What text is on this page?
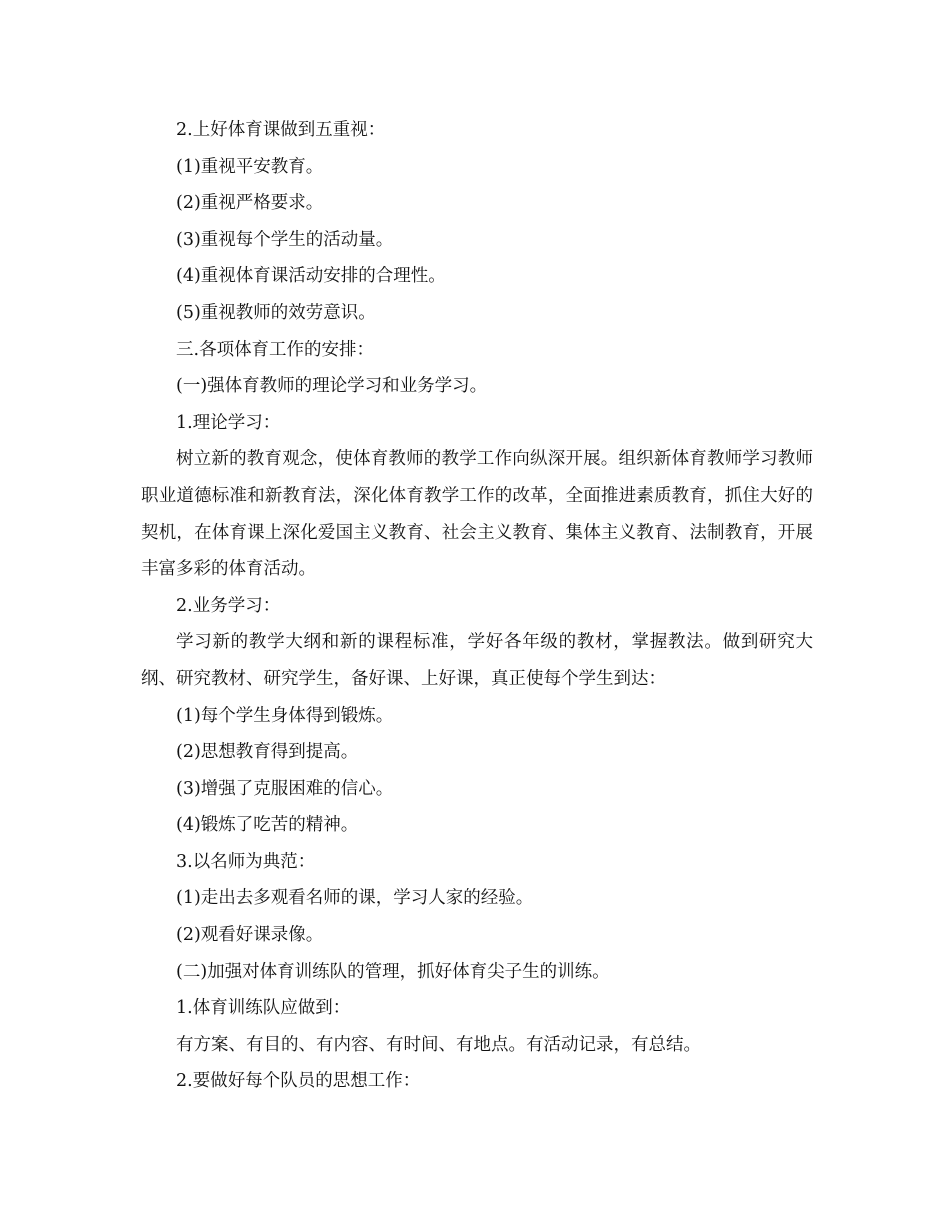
2.上好体育课做到五重视：
(1)重视平安教育。
(2)重视严格要求。
(3)重视每个学生的活动量。
(4)重视体育课活动安排的合理性。
(5)重视教师的效劳意识。
三.各项体育工作的安排：
(一)强体育教师的理论学习和业务学习。
1.理论学习：

树立新的教育观念，使体育教师的教学工作向纵深开展。组织新体育教师学习教师职业道德标准和新教育法，深化体育教学工作的改革，全面推进素质教育，抓住大好的契机，在体育课上深化爱国主义教育、社会主义教育、集体主义教育、法制教育，开展丰富多彩的体育活动。

2.业务学习：

学习新的教学大纲和新的课程标准，学好各年级的教材，掌握教法。做到研究大纲、研究教材、研究学生，备好课、上好课，真正使每个学生到达：

(1)每个学生身体得到锻炼。
(2)思想教育得到提高。
(3)增强了克服困难的信心。
(4)锻炼了吃苦的精神。
3.以名师为典范：
(1)走出去多观看名师的课，学习人家的经验。
(2)观看好课录像。
(二)加强对体育训练队的管理，抓好体育尖子生的训练。
1.体育训练队应做到：
有方案、有目的、有内容、有时间、有地点。有活动记录，有总结。
2.要做好每个队员的思想工作：
